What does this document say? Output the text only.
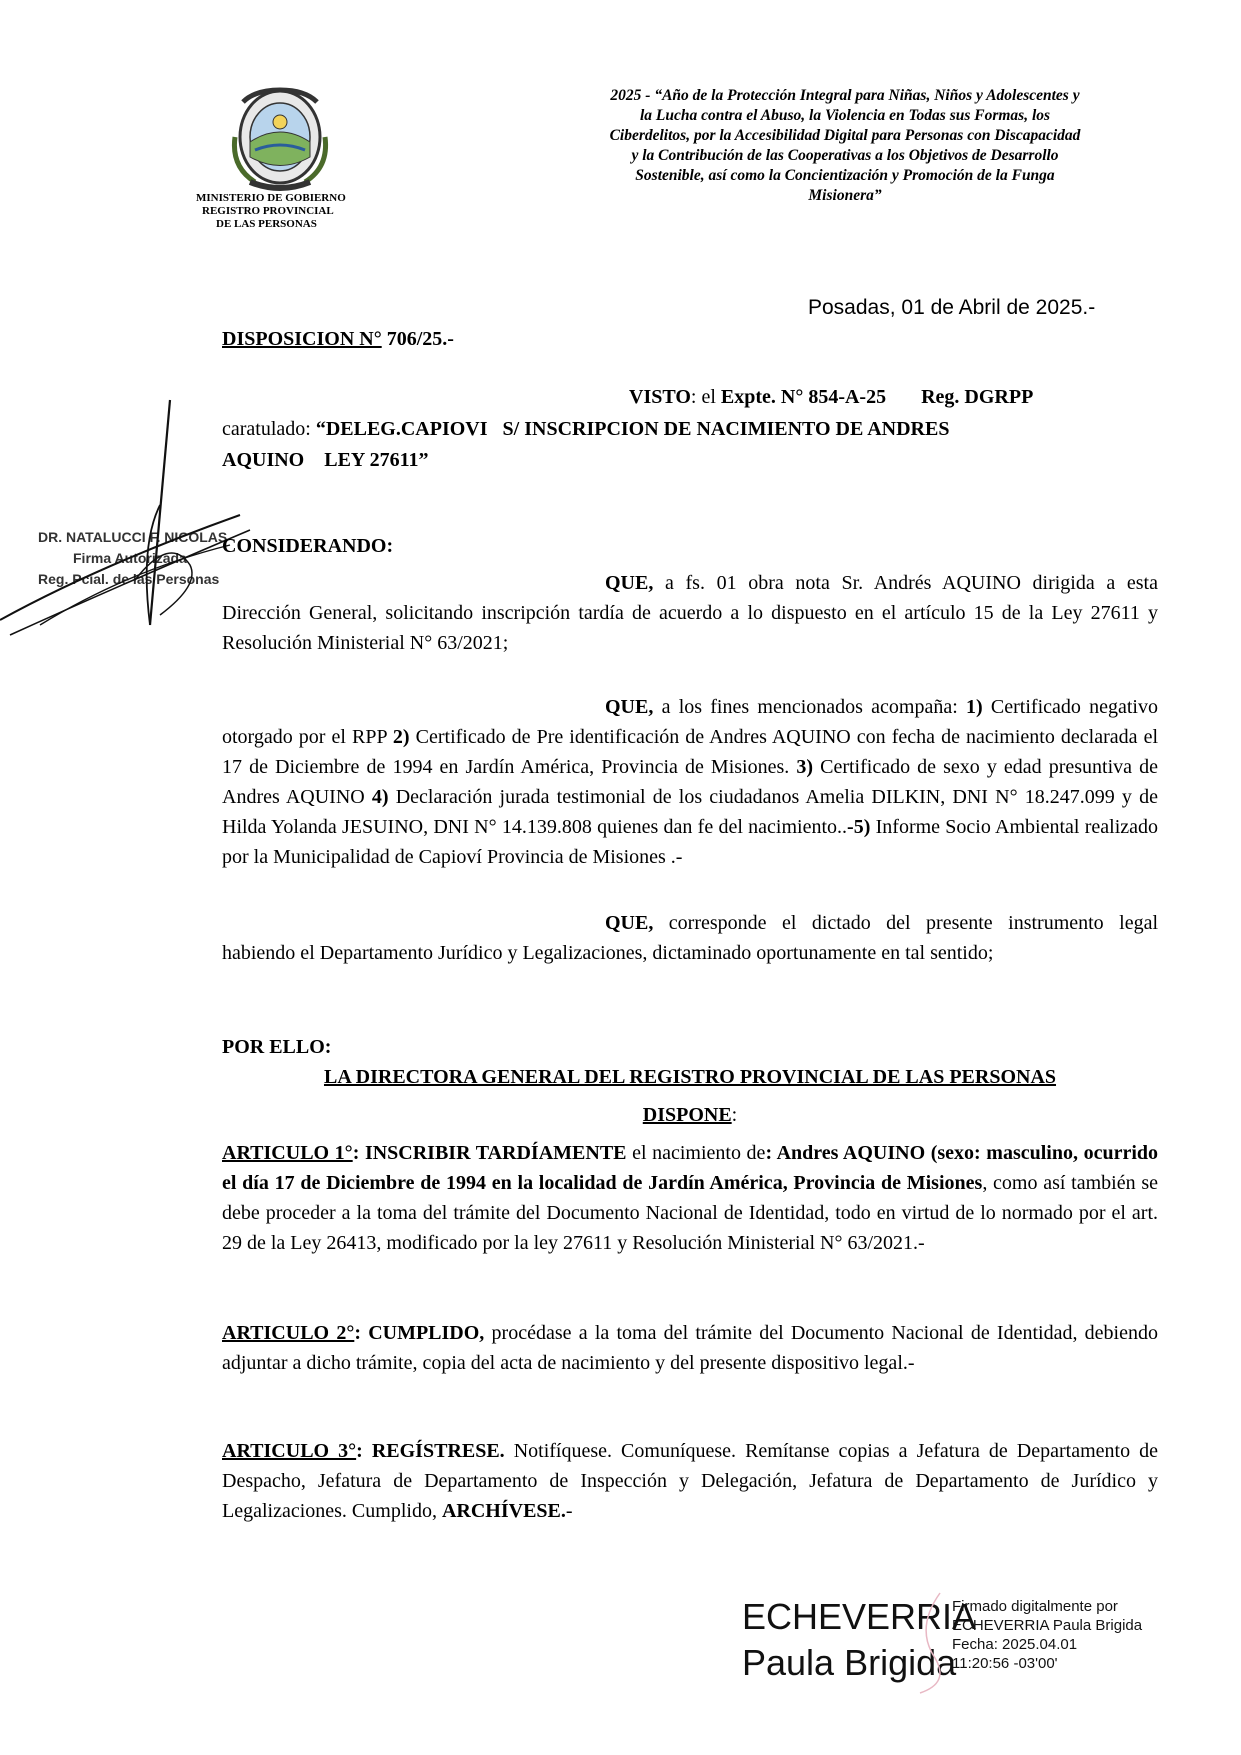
MINISTERIO DE GOBIERNO
REGISTRO PROVINCIAL
DE LAS PERSONAS
2025 - “Año de la Protección Integral para Niñas, Niños y Adolescentes y
la Lucha contra el Abuso, la Violencia en Todas sus Formas, los
Ciberdelitos, por la Accesibilidad Digital para Personas con Discapacidad
y la Contribución de las Cooperativas a los Objetivos de Desarrollo
Sostenible, así como la Concientización y Promoción de la Funga
Misionera”
Posadas, 01 de Abril de 2025.-
DISPOSICION N° 706/25.-
VISTO: el Expte. N° 854-A-25 Reg. DGRPP
caratulado: “DELEG.CAPIOVI   S/ INSCRIPCION DE NACIMIENTO DE ANDRES
AQUINO    LEY 27611”
DR. NATALUCCI F. NICOLAS
Firma Autorizada
Reg. Pcial. de las Personas
CONSIDERANDO:
QUE, a fs. 01 obra nota Sr. Andrés AQUINO dirigida a esta Dirección General, solicitando inscripción tardía de acuerdo a lo dispuesto en el artículo 15 de la Ley 27611 y Resolución Ministerial N° 63/2021;
QUE, a los fines mencionados acompaña: 1) Certificado negativo otorgado por el RPP 2) Certificado de Pre identificación de Andres AQUINO con fecha de nacimiento declarada el 17 de Diciembre de 1994 en Jardín América, Provincia de Misiones. 3) Certificado de sexo y edad presuntiva de Andres AQUINO 4) Declaración jurada testimonial de los ciudadanos Amelia DILKIN, DNI N° 18.247.099 y de Hilda Yolanda JESUINO, DNI N° 14.139.808 quienes dan fe del nacimiento..-5) Informe Socio Ambiental realizado por la Municipalidad de Capioví Provincia de Misiones .-
QUE, corresponde el dictado del presente instrumento legal habiendo el Departamento Jurídico y Legalizaciones, dictaminado oportunamente en tal sentido;
POR ELLO:
LA DIRECTORA GENERAL DEL REGISTRO PROVINCIAL DE LAS PERSONAS
DISPONE:
ARTICULO 1°: INSCRIBIR TARDÍAMENTE el nacimiento de: Andres AQUINO (sexo: masculino, ocurrido el día 17 de Diciembre de 1994 en la localidad de Jardín América, Provincia de Misiones, como así también se debe proceder a la toma del trámite del Documento Nacional de Identidad, todo en virtud de lo normado por el art. 29 de la Ley 26413, modificado por la ley 27611 y Resolución Ministerial N° 63/2021.-
ARTICULO 2°: CUMPLIDO, procédase a la toma del trámite del Documento Nacional de Identidad, debiendo adjuntar a dicho trámite, copia del acta de nacimiento y del presente dispositivo legal.-
ARTICULO 3°: REGÍSTRESE. Notifíquese. Comuníquese. Remítanse copias a Jefatura de Departamento de Despacho, Jefatura de Departamento de Inspección y Delegación, Jefatura de Departamento de Jurídico y Legalizaciones. Cumplido, ARCHÍVESE.-
ECHEVERRIA
Paula Brigida
Firmado digitalmente por
ECHEVERRIA Paula Brigida
Fecha: 2025.04.01
11:20:56 -03'00'
